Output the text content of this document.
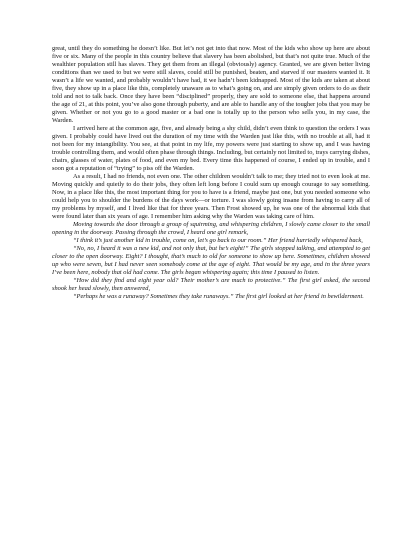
great, until they do something he doesn’t like. But let’s not get into that now. Most of the kids who show up here are about five or six. Many of the people in this country believe that slavery has been abolished, but that’s not quite true. Much of the wealthier population still has slaves. They get them from an illegal (obviously) agency. Granted, we are given better living conditions than we used to but we were still slaves, could still be punished, beaten, and starved if our masters wanted it. It wasn’t a life we wanted, and probably wouldn’t have had, it we hadn’t been kidnapped. Most of the kids are taken at about five, they show up in a place like this, completely unaware as to what’s going on, and are simply given orders to do as their told and not to talk back. Once they have been “disciplined” properly, they are sold to someone else, that happens around the age of 21, at this point, you’ve also gone through puberty, and are able to handle any of the tougher jobs that you may be given. Whether or not you go to a good master or a bad one is totally up to the person who sells you, in my case, the Warden.

I arrived here at the common age, five, and already being a shy child, didn’t even think to question the orders I was given. I probably could have lived out the duration of my time with the Warden just like this, with no trouble at all, had it not been for my intangibility. You see, at that point in my life, my powers were just starting to show up, and I was having trouble controlling them, and would often phase through things. Including, but certainly not limited to, trays carrying dishes, chairs, glasses of water, plates of food, and even my bed. Every time this happened of course, I ended up in trouble, and I soon got a reputation of “trying” to piss off the Warden.

As a result, I had no friends, not even one. The other children wouldn’t talk to me; they tried not to even look at me. Moving quickly and quietly to do their jobs, they often left long before I could sum up enough courage to say something. Now, in a place like this, the most important thing for you to have is a friend, maybe just one, but you needed someone who could help you to shoulder the burdens of the days work—or torture. I was slowly going insane from having to carry all of my problems by myself, and I lived like that for three years. Then Frost showed up, he was one of the abnormal kids that were found later than six years of age. I remember him asking why the Warden was taking care of him.

Moving towards the door through a group of squirming, and whispering children, I slowly came closer to the small opening in the doorway. Passing through the crowd, I heard one girl remark,

“I think it’s just another kid in trouble, come on, let’s go back to our room.” Her friend hurriedly whispered back,

“No, no, I heard it was a new kid, and not only that, but he’s eight!” The girls stopped talking, and attempted to get closer to the open doorway. Eight? I thought, that’s much to old for someone to show up here. Sometimes, children showed up who were seven, but I had never seen somebody come at the age of eight. That would be my age, and in the three years I’ve been here, nobody that old had come. The girls began whispering again; this time I paused to listen.

“How did they find and eight year old? Their mother’s are much to protective.” The first girl asked, the second shook her head slowly, then answered,

“Perhaps he was a runaway? Sometimes they take runaways.” The first girl looked at her friend in bewilderment.
